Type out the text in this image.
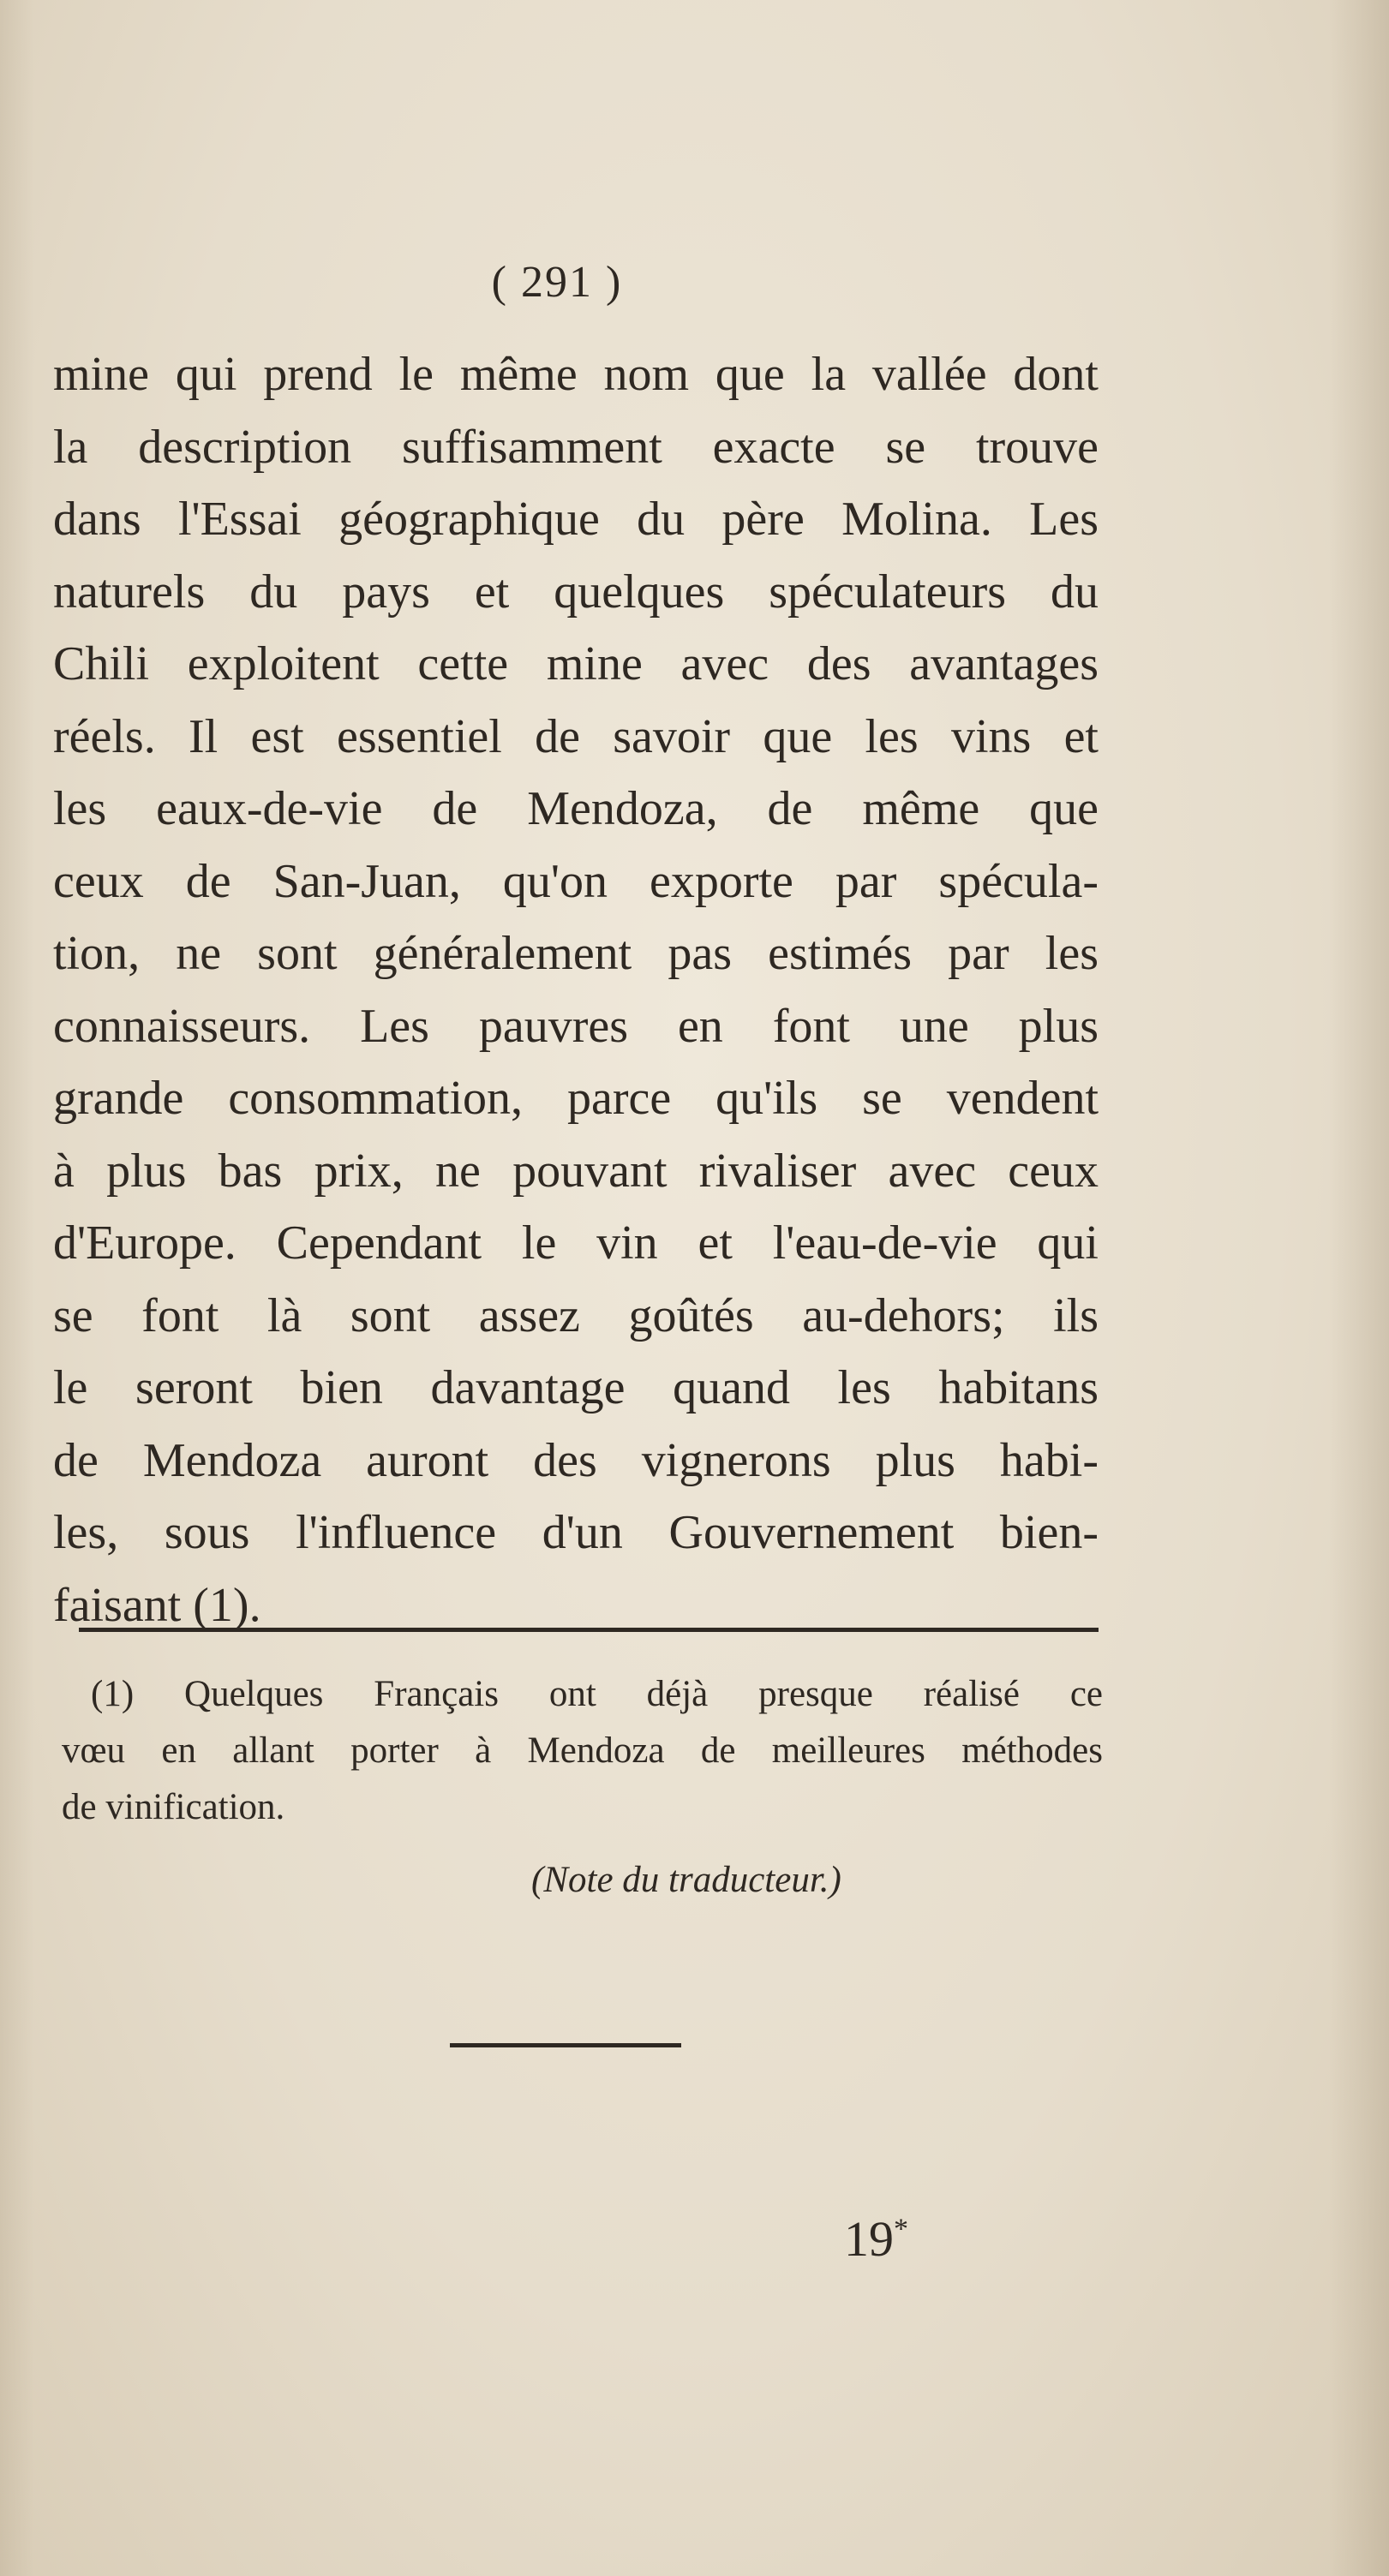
( 291 )
mine qui prend le même nom que la vallée dont
la description suffisamment exacte se trouve
dans l'Essai géographique du père Molina. Les
naturels du pays et quelques spéculateurs du
Chili exploitent cette mine avec des avantages
réels. Il est essentiel de savoir que les vins et
les eaux-de-vie de Mendoza, de même que
ceux de San-Juan, qu'on exporte par spécula-
tion, ne sont généralement pas estimés par les
connaisseurs. Les pauvres en font une plus
grande consommation, parce qu'ils se vendent
à plus bas prix, ne pouvant rivaliser avec ceux
d'Europe. Cependant le vin et l'eau-de-vie qui
se font là sont assez goûtés au-dehors; ils
le seront bien davantage quand les habitans
de Mendoza auront des vignerons plus habi-
les, sous l'influence d'un Gouvernement bien-
faisant (1).
(1) Quelques Français ont déjà presque réalisé ce
vœu en allant porter à Mendoza de meilleures méthodes
de vinification.
(Note du traducteur.)
19*
